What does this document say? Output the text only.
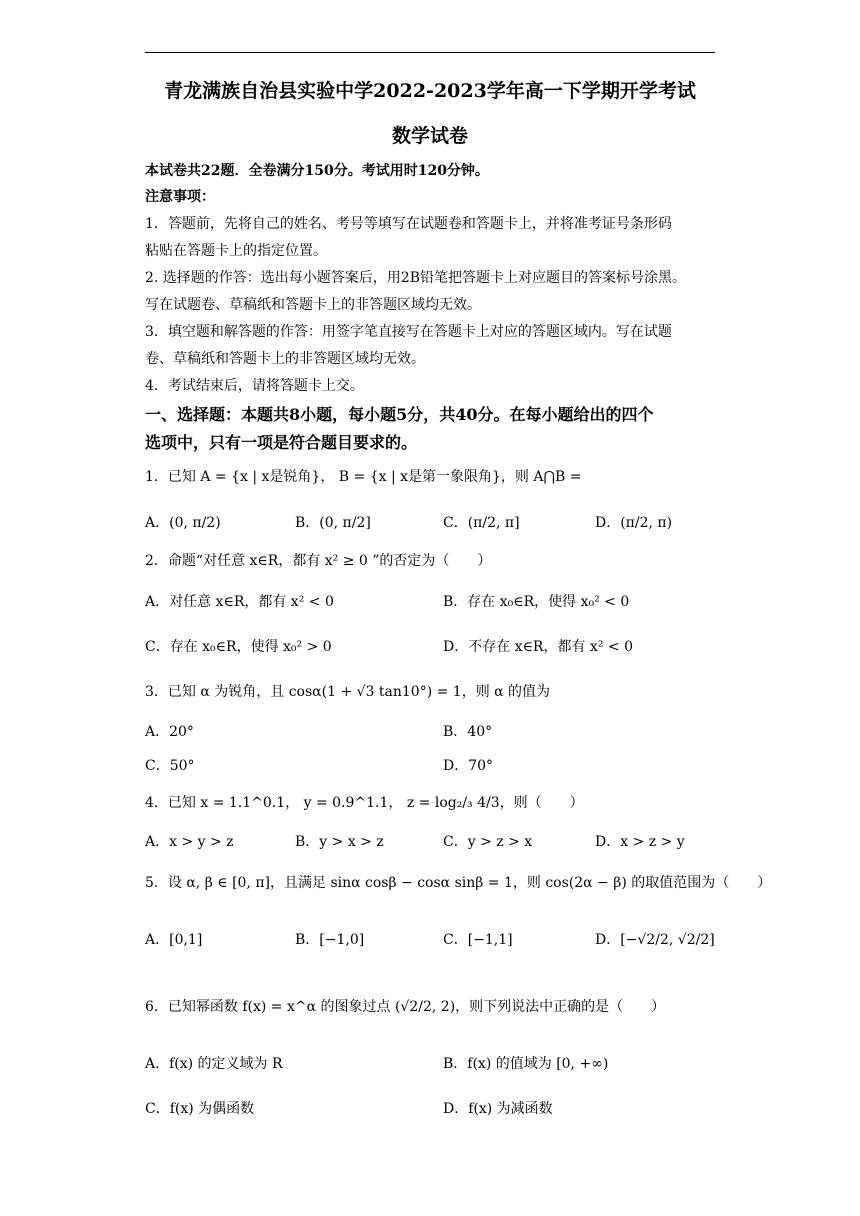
青龙满族自治县实验中学2022-2023学年高一下学期开学考试
数学试卷
本试卷共22题．全卷满分150分。考试用时120分钟。
注意事项：
1．答题前，先将自己的姓名、考号等填写在试题卷和答题卡上，并将准考证号条形码
粘贴在答题卡上的指定位置。
2. 选择题的作答：选出每小题答案后，用2B铅笔把答题卡上对应题目的答案标号涂黑。
写在试题卷、草稿纸和答题卡上的非答题区域均无效。
3．填空题和解答题的作答：用签字笔直接写在答题卡上对应的答题区域内。写在试题
卷、草稿纸和答题卡上的非答题区域均无效。
4．考试结束后，请将答题卡上交。
一、选择题：本题共8小题，每小题5分，共40分。在每小题给出的四个
选项中，只有一项是符合题目要求的。
1．已知 A = {x | x是锐角}， B = {x | x是第一象限角}，则 A⋂B =
A．(0, π/2)	B．(0, π/2]	C．(π/2, π]	D．(π/2, π)
2．命题“对任意 x∈R，都有 x² ≥ 0 ”的否定为（　　）
A．对任意 x∈R，都有 x² < 0	B．存在 x₀∈R，使得 x₀² < 0
C．存在 x₀∈R，使得 x₀² > 0	D．不存在 x∈R，都有 x² < 0
3．已知 α 为锐角，且 cosα(1 + √3 tan10°) = 1，则 α 的值为
A．20°	B．40°
C．50°	D．70°
4．已知 x = 1.1^0.1， y = 0.9^1.1， z = log₂/₃ 4/3，则（　　）
A．x > y > z	B．y > x > z	C．y > z > x	D．x > z > y
5．设 α, β ∈ [0, π]，且满足 sinα cosβ − cosα sinβ = 1，则 cos(2α − β) 的取值范围为（　　）
A．[0,1]	B．[−1,0]	C．[−1,1]	D．[−√2/2, √2/2]
6．已知幂函数 f(x) = x^α 的图象过点 (√2/2, 2)，则下列说法中正确的是（　　）
A．f(x) 的定义域为 R	B．f(x) 的值域为 [0, +∞)
C．f(x) 为偶函数	D．f(x) 为减函数
